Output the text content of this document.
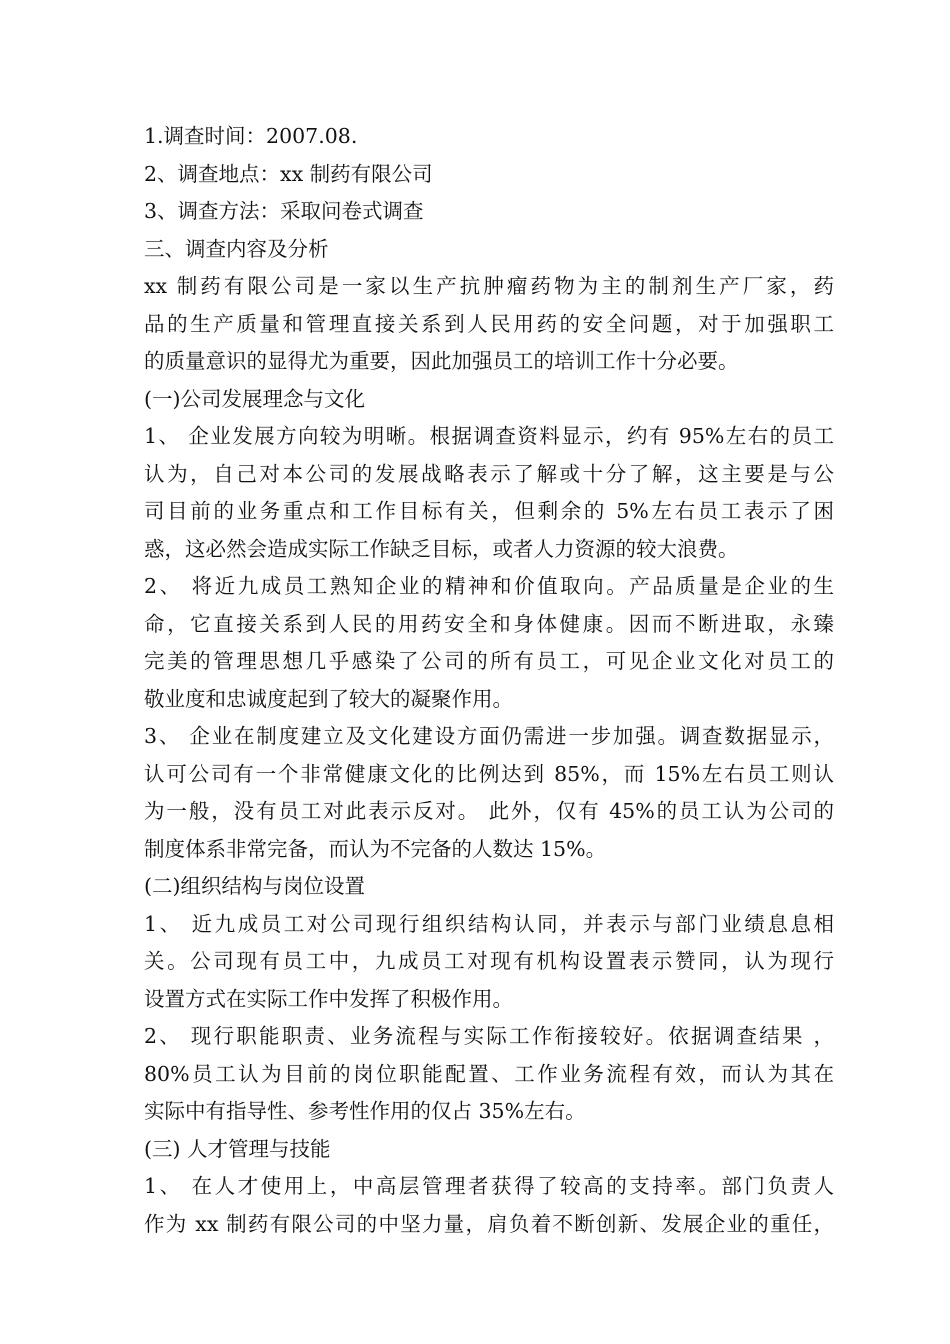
1.调查时间：2007.08.
2、调查地点：xx 制药有限公司
3、调查方法：采取问卷式调查
三、调查内容及分析
xx 制药有限公司是一家以生产抗肿瘤药物为主的制剂生产厂家，药
品的生产质量和管理直接关系到人民用药的安全问题，对于加强职工
的质量意识的显得尤为重要，因此加强员工的培训工作十分必要。
(一)公司发展理念与文化
1、 企业发展方向较为明晰。根据调查资料显示，约有 95%左右的员工
认为，自己对本公司的发展战略表示了解或十分了解，这主要是与公
司目前的业务重点和工作目标有关，但剩余的 5%左右员工表示了困
惑，这必然会造成实际工作缺乏目标，或者人力资源的较大浪费。
2、 将近九成员工熟知企业的精神和价值取向。产品质量是企业的生
命，它直接关系到人民的用药安全和身体健康。因而不断进取，永臻
完美的管理思想几乎感染了公司的所有员工，可见企业文化对员工的
敬业度和忠诚度起到了较大的凝聚作用。
3、 企业在制度建立及文化建设方面仍需进一步加强。调查数据显示，
认可公司有一个非常健康文化的比例达到 85%，而 15%左右员工则认
为一般，没有员工对此表示反对。 此外，仅有 45%的员工认为公司的
制度体系非常完备，而认为不完备的人数达 15%。
(二)组织结构与岗位设置
1、 近九成员工对公司现行组织结构认同，并表示与部门业绩息息相
关。公司现有员工中，九成员工对现有机构设置表示赞同，认为现行
设置方式在实际工作中发挥了积极作用。
2、 现行职能职责、业务流程与实际工作衔接较好。依据调查结果 ，
80%员工认为目前的岗位职能配置、工作业务流程有效，而认为其在
实际中有指导性、参考性作用的仅占 35%左右。
(三) 人才管理与技能
1、 在人才使用上，中高层管理者获得了较高的支持率。部门负责人
作为 xx 制药有限公司的中坚力量，肩负着不断创新、发展企业的重任，
